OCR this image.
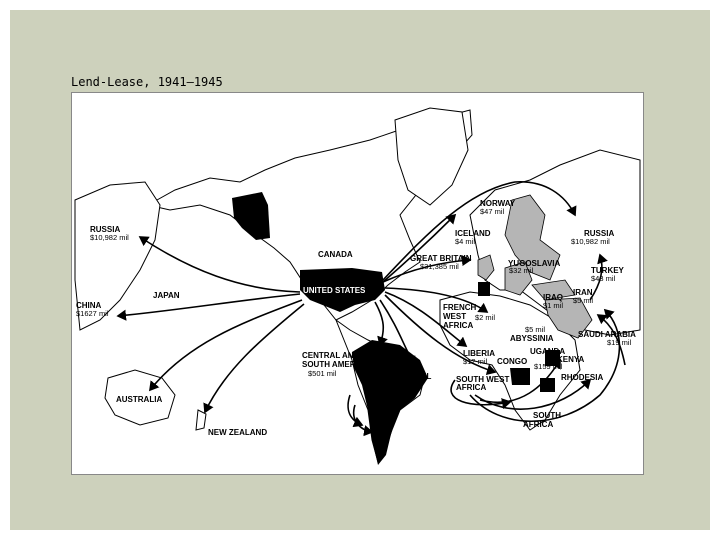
Lend-Lease, 1941–1945
RUSSIA
$10,982 mil
CHINA
$1627 mil
JAPAN
AUSTRALIA
NEW ZEALAND
CANADA
UNITED STATES
CENTRAL AND
SOUTH AMERICA
$501 mil	BRAZIL
NORWAY
$47 mil
ICELAND
$4 mil
GREAT BRITAIN
$31,385 mil
RUSSIA
$10,982 mil
YUGOSLAVIA
$32 mil	TURKEY
$43 mil
IRAN
$5 mil
IRAQ
$1 mil
FRENCH
WEST
AFRICA
$2 mil
$5 mil
ABYSSINIA	SAUDI ARABIA
$19 mil
LIBERIA
$12 mil
UGANDA
KENYA
CONGO
$159 mil
SOUTH WEST
AFRICA
RHODESIA
SOUTH
AFRICA
